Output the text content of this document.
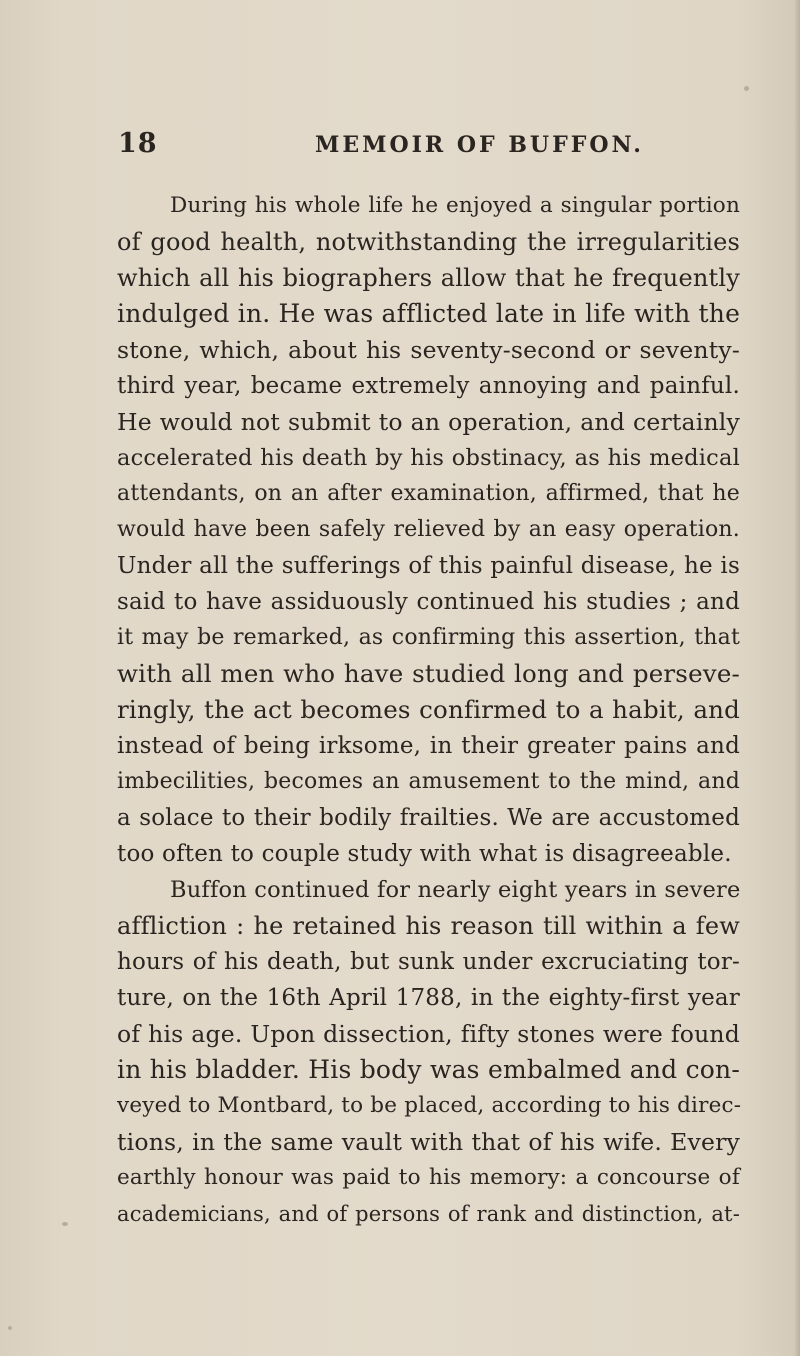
18	MEMOIR OF BUFFON.
During his whole life he enjoyed a singular portion
of good health, notwithstanding the irregularities
which all his biographers allow that he frequently
indulged in. He was afflicted late in life with the
stone, which, about his seventy-second or seventy-
third year, became extremely annoying and painful.
He would not submit to an operation, and certainly
accelerated his death by his obstinacy, as his medical
attendants, on an after examination, affirmed, that he
would have been safely relieved by an easy operation.
Under all the sufferings of this painful disease, he is
said to have assiduously continued his studies ; and
it may be remarked, as confirming this assertion, that
with all men who have studied long and perseve-
ringly, the act becomes confirmed to a habit, and
instead of being irksome, in their greater pains and
imbecilities, becomes an amusement to the mind, and
a solace to their bodily frailties. We are accustomed
too often to couple study with what is disagreeable.
Buffon continued for nearly eight years in severe
affliction : he retained his reason till within a few
hours of his death, but sunk under excruciating tor-
ture, on the 16th April 1788, in the eighty-first year
of his age. Upon dissection, fifty stones were found
in his bladder. His body was embalmed and con-
veyed to Montbard, to be placed, according to his direc-
tions, in the same vault with that of his wife. Every
earthly honour was paid to his memory: a concourse of
academicians, and of persons of rank and distinction, at-
